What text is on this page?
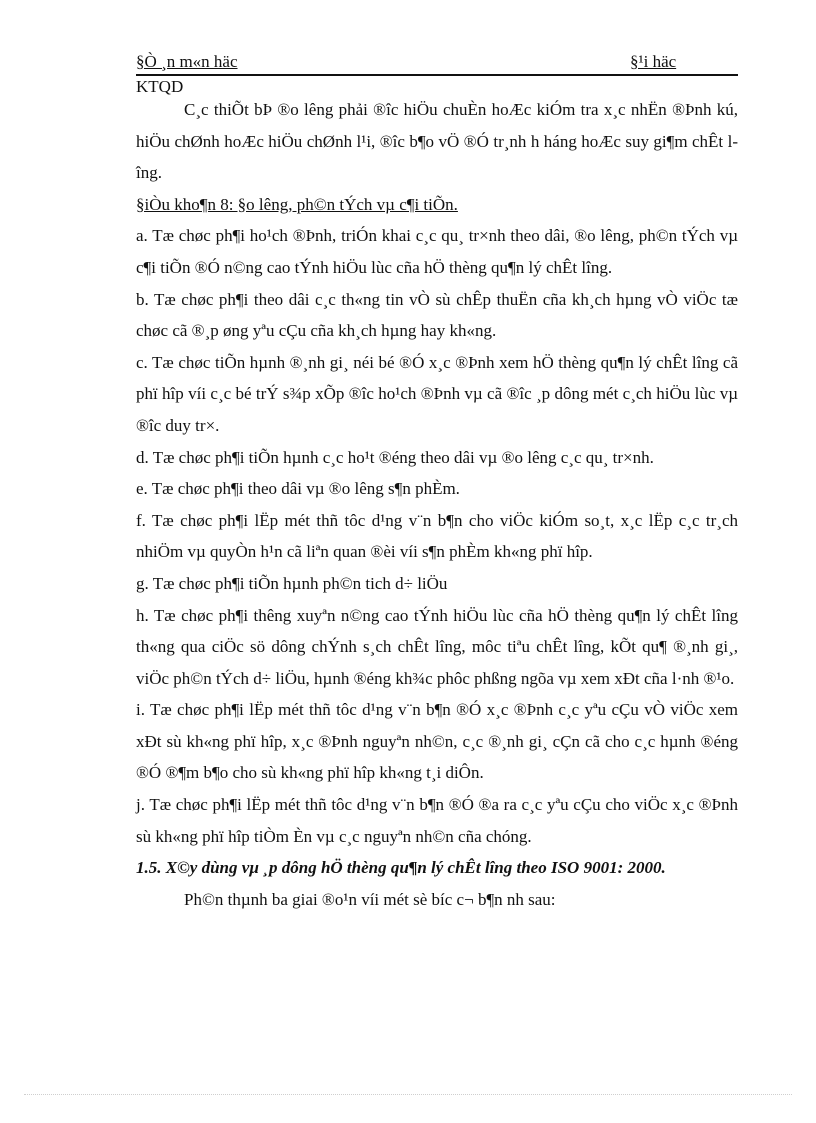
§Ò ¸n m«n häc	§¹i häc
KTQD

C¸c thiÕt bÞ ®o lêng phải ®îc hiÖu chuÈn hoÆc kiÓm tra x¸c nhËn ®Þnh kú, hiÖu chØnh hoÆc hiÖu chØnh l¹i, ®îc b¶o vÖ ®Ó tr¸nh h háng hoÆc suy gi¶m chÊt lîng.

§iÒu kho¶n 8: §o lêng, ph©n tÝch vµ c¶i tiÕn.

a. Tæ chøc ph¶i ho¹ch ®Þnh, triÓn khai c¸c qu¸ tr×nh theo dâi, ®o lêng, ph©n tÝch vµ c¶i tiÕn ®Ó n©ng cao tÝnh hiÖu lùc cña hÖ thèng qu¶n lý chÊt lîng.

b. Tæ chøc ph¶i theo dâi c¸c th«ng tin vÒ sù chÊp thuËn cña kh¸ch hµng vÒ viÖc tæ chøc cã ®¸p øng yªu cÇu cña kh¸ch hµng hay kh«ng.

c. Tæ chøc tiÕn hµnh ®¸nh gi¸ néi bé ®Ó x¸c ®Þnh xem hÖ thèng qu¶n lý chÊt lîng cã phï hîp víi c¸c bé trÝ s¾p xÕp ®îc ho¹ch ®Þnh vµ cã ®îc ¸p dông mét c¸ch hiÖu lùc vµ ®îc duy tr×.

d. Tæ chøc ph¶i tiÕn hµnh c¸c ho¹t ®éng theo dâi vµ ®o lêng c¸c qu¸ tr×nh.

e. Tæ chøc ph¶i theo dâi vµ ®o lêng s¶n phÈm.

f. Tæ chøc ph¶i lËp mét thñ tôc d¹ng v¨n b¶n cho viÖc kiÓm so¸t, x¸c lËp c¸c tr¸ch nhiÖm vµ quyÒn h¹n cã liªn quan ®èi víi s¶n phÈm kh«ng phï hîp.

g. Tæ chøc ph¶i tiÕn hµnh ph©n tich d÷ liÖu

h. Tæ chøc ph¶i thêng xuyªn n©ng cao tÝnh hiÖu lùc cña hÖ thèng qu¶n lý chÊt lîng th«ng qua ciÖc sö dông chÝnh s¸ch chÊt lîng, môc tiªu chÊt lîng, kÕt qu¶ ®¸nh gi¸, viÖc ph©n tÝch d÷ liÖu, hµnh ®éng kh¾c phôc phßng ngõa vµ xem xÐt cña l·nh ®¹o.

i. Tæ chøc ph¶i lËp mét thñ tôc d¹ng v¨n b¶n ®Ó x¸c ®Þnh c¸c yªu cÇu vÒ viÖc xem xÐt sù kh«ng phï hîp, x¸c ®Þnh nguyªn nh©n, c¸c ®¸nh gi¸ cÇn cã cho c¸c hµnh ®éng ®Ó ®¶m b¶o cho sù kh«ng phï hîp kh«ng t¸i diÔn.

j. Tæ chøc ph¶i lËp mét thñ tôc d¹ng v¨n b¶n ®Ó ®a ra c¸c yªu cÇu cho viÖc x¸c ®Þnh sù kh«ng phï hîp tiÒm Èn vµ c¸c nguyªn nh©n cña chóng.

1.5. X©y dùng vµ ¸p dông hÖ thèng qu¶n lý chÊt lîng theo ISO 9001: 2000.

Ph©n thµnh ba giai ®o¹n víi mét sè bíc c¬ b¶n nh sau:
